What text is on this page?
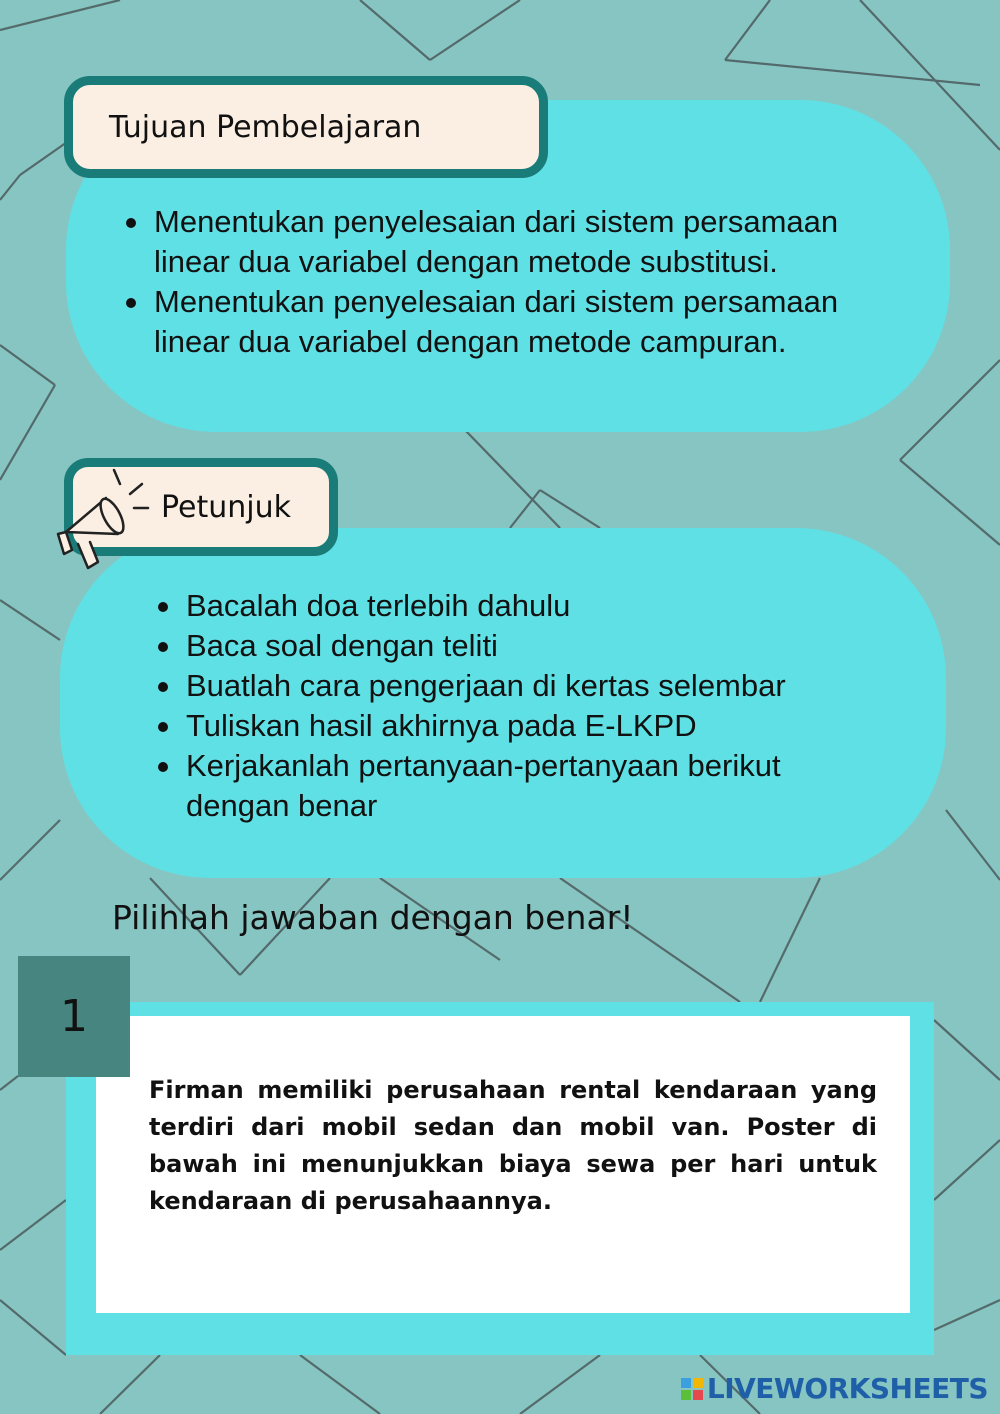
Tujuan Pembelajaran
Menentukan penyelesaian dari sistem persamaan linear dua variabel dengan metode substitusi.
Menentukan penyelesaian dari sistem persamaan linear dua variabel dengan metode campuran.
Petunjuk
Bacalah doa terlebih dahulu
Baca soal dengan teliti
Buatlah cara pengerjaan di kertas selembar
Tuliskan hasil akhirnya pada E-LKPD
Kerjakanlah pertanyaan-pertanyaan berikut dengan benar
Pilihlah jawaban dengan benar!
1

Firman memiliki perusahaan rental kendaraan yang terdiri dari mobil sedan dan mobil van. Poster di bawah ini menunjukkan biaya sewa per hari untuk kendaraan di perusahaannya.

LIVEWORKSHEETS
